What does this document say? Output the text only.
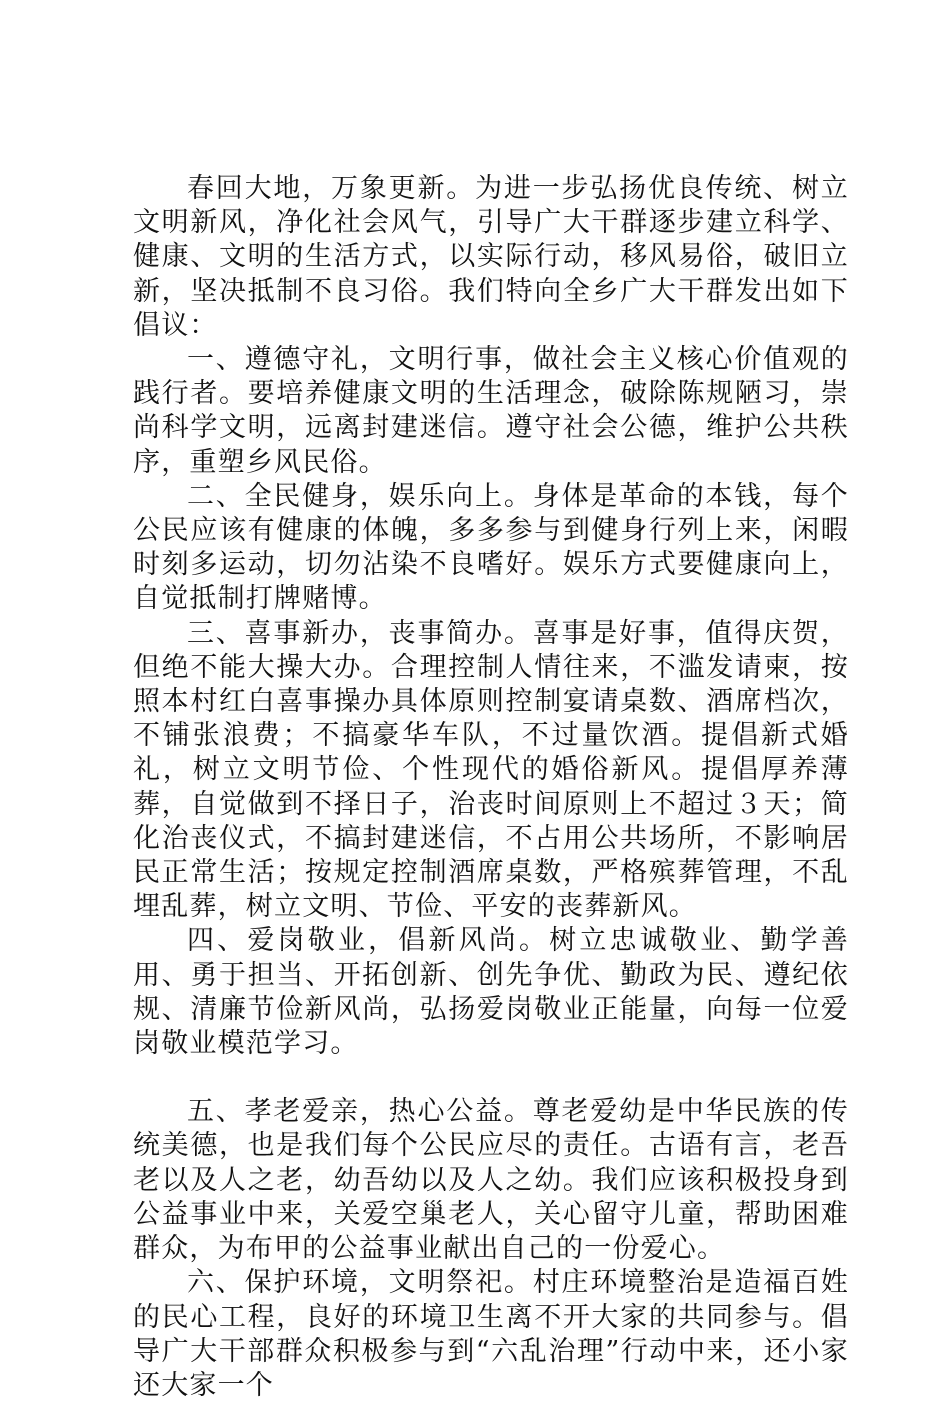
春回大地，万象更新。为进一步弘扬优良传统、树立文明新风，净化社会风气，引导广大干群逐步建立科学、健康、文明的生活方式，以实际行动，移风易俗，破旧立新，坚决抵制不良习俗。我们特向全乡广大干群发出如下倡议：

一、遵德守礼，文明行事，做社会主义核心价值观的践行者。要培养健康文明的生活理念，破除陈规陋习，崇尚科学文明，远离封建迷信。遵守社会公德，维护公共秩序，重塑乡风民俗。

二、全民健身，娱乐向上。身体是革命的本钱，每个公民应该有健康的体魄，多多参与到健身行列上来，闲暇时刻多运动，切勿沾染不良嗜好。娱乐方式要健康向上，自觉抵制打牌赌博。

三、喜事新办，丧事简办。喜事是好事，值得庆贺，但绝不能大操大办。合理控制人情往来，不滥发请柬，按照本村红白喜事操办具体原则控制宴请桌数、酒席档次，不铺张浪费；不搞豪华车队，不过量饮酒。提倡新式婚礼，树立文明节俭、个性现代的婚俗新风。提倡厚养薄葬，自觉做到不择日子，治丧时间原则上不超过３天；简化治丧仪式，不搞封建迷信，不占用公共场所，不影响居民正常生活；按规定控制酒席桌数，严格殡葬管理，不乱埋乱葬，树立文明、节俭、平安的丧葬新风。

四、爱岗敬业，倡新风尚。树立忠诚敬业、勤学善用、勇于担当、开拓创新、创先争优、勤政为民、遵纪依规、清廉节俭新风尚，弘扬爱岗敬业正能量，向每一位爱岗敬业模范学习。

五、孝老爱亲，热心公益。尊老爱幼是中华民族的传统美德，也是我们每个公民应尽的责任。古语有言，老吾老以及人之老，幼吾幼以及人之幼。我们应该积极投身到公益事业中来，关爱空巢老人，关心留守儿童，帮助困难群众，为布甲的公益事业献出自己的一份爱心。

六、保护环境，文明祭祀。村庄环境整治是造福百姓的民心工程，良好的环境卫生离不开大家的共同参与。倡导广大干部群众积极参与到“六乱治理”行动中来，还小家还大家一个
